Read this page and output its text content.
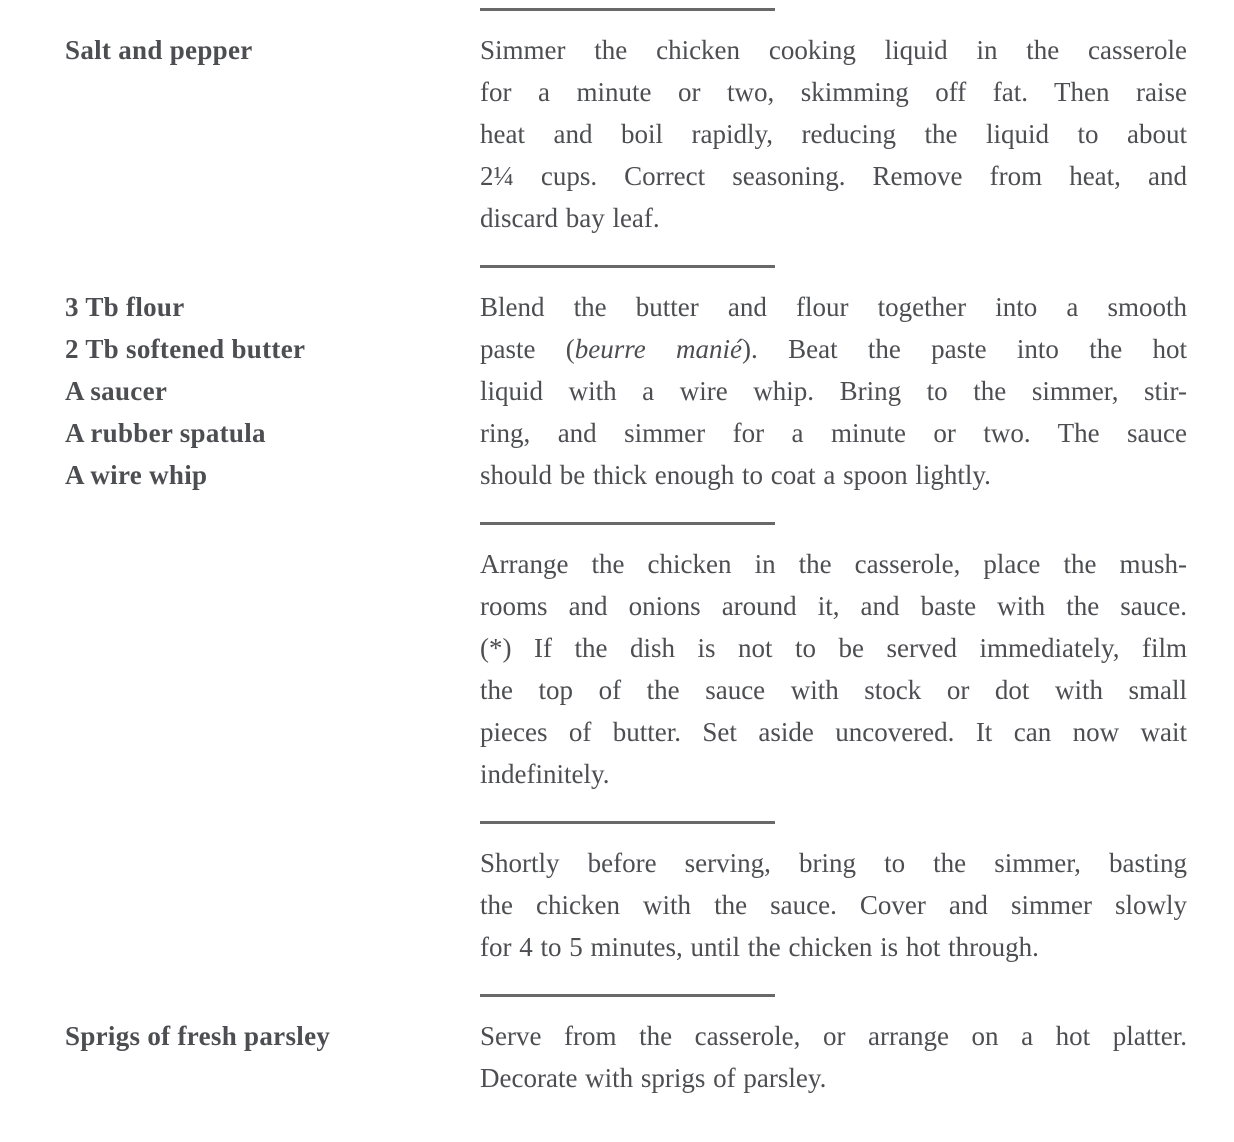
Salt and pepper	Simmer the chicken cooking liquid in the casserole
for a minute or two, skimming off fat. Then raise
heat and boil rapidly, reducing the liquid to about
2¼ cups. Correct seasoning. Remove from heat, and
discard bay leaf.

3 Tb flour

2 Tb softened butter

A saucer

A rubber spatula

A wire whip

Blend the butter and flour together into a smooth
paste (beurre manié). Beat the paste into the hot
liquid with a wire whip. Bring to the simmer, stir-
ring, and simmer for a minute or two. The sauce
should be thick enough to coat a spoon lightly.
Arrange the chicken in the casserole, place the mush-
rooms and onions around it, and baste with the sauce.
(*) If the dish is not to be served immediately, film
the top of the sauce with stock or dot with small
pieces of butter. Set aside uncovered. It can now wait
indefinitely.
Shortly before serving, bring to the simmer, basting
the chicken with the sauce. Cover and simmer slowly
for 4 to 5 minutes, until the chicken is hot through.

Sprigs of fresh parsley	Serve from the casserole, or arrange on a hot platter.
Decorate with sprigs of parsley.
